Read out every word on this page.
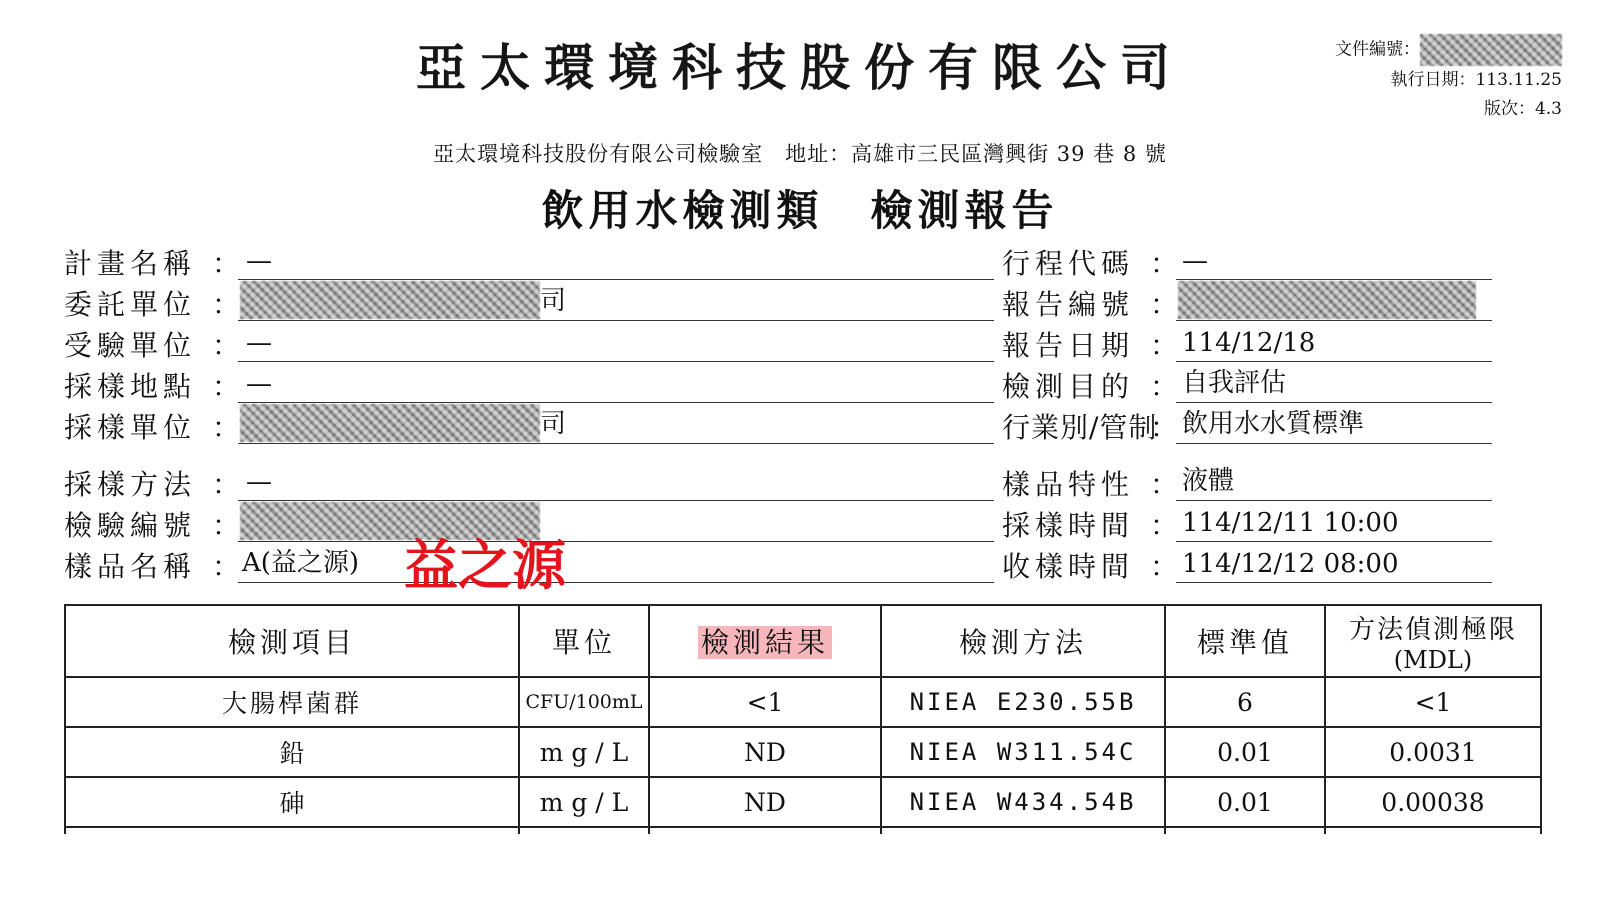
亞太環境科技股份有限公司	文件編號：
執行日期：113.11.25
版次：4.3
亞太環境科技股份有限公司檢驗室　地址：高雄市三民區灣興街 39 巷 8 號
飲用水檢測類　檢測報告
計畫名稱 ： —
委託單位 ：	司
受驗單位 ： —
採樣地點 ： —
採樣單位 ：	司
採樣方法 ： —
檢驗編號 ：
樣品名稱 ： A(益之源)
行程代碼 ： —
報告編號 ：
報告日期 ： 114/12/18
檢測目的 ： 自我評估
行業別/管制
： 飲用水水質標準
樣品特性 ： 液體
採樣時間 ： 114/12/11 10:00
收樣時間 ： 114/12/12 08:00
益之源
檢測項目	單位	檢測結果	檢測方法	標準值	方法偵測極限
(MDL)

大腸桿菌群	CFU/100mL	<1	NIEA E230.55B	6	<1
鉛	m g / L	ND	NIEA W311.54C	0.01	0.0031
砷	m g / L	ND	NIEA W434.54B	0.01	0.00038
